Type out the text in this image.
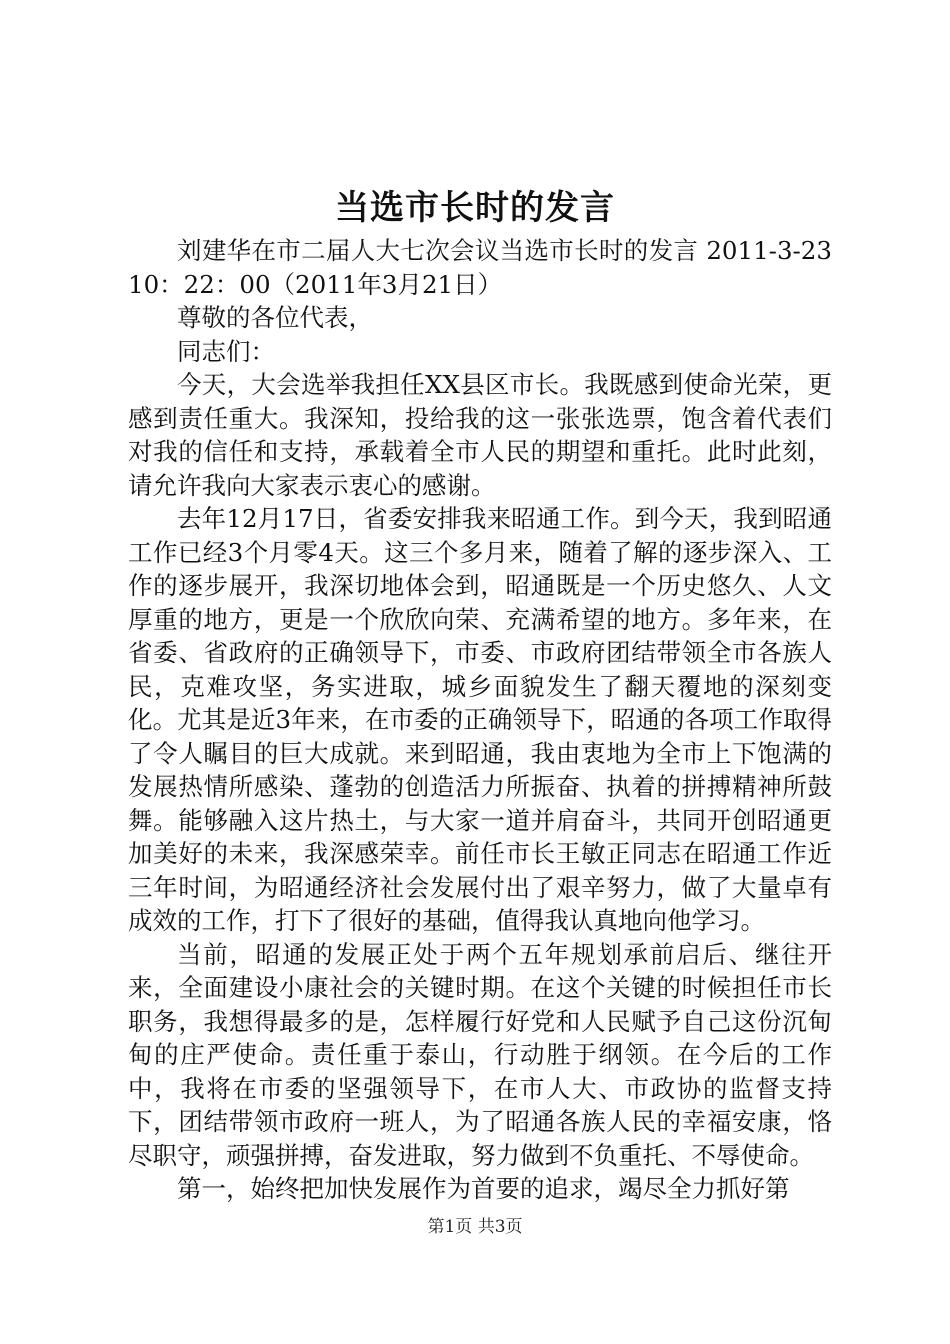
当选市长时的发言

刘建华在市二届人大七次会议当选市长时的发言 2011-3-2310：22：00（2011年3月21日）

尊敬的各位代表，

同志们：

今天，大会选举我担任XX县区市长。我既感到使命光荣，更感到责任重大。我深知，投给我的这一张张选票，饱含着代表们对我的信任和支持，承载着全市人民的期望和重托。此时此刻，请允许我向大家表示衷心的感谢。

去年12月17日，省委安排我来昭通工作。到今天，我到昭通工作已经3个月零4天。这三个多月来，随着了解的逐步深入、工作的逐步展开，我深切地体会到，昭通既是一个历史悠久、人文厚重的地方，更是一个欣欣向荣、充满希望的地方。多年来，在省委、省政府的正确领导下，市委、市政府团结带领全市各族人民，克难攻坚，务实进取，城乡面貌发生了翻天覆地的深刻变化。尤其是近3年来，在市委的正确领导下，昭通的各项工作取得了令人瞩目的巨大成就。来到昭通，我由衷地为全市上下饱满的发展热情所感染、蓬勃的创造活力所振奋、执着的拼搏精神所鼓舞。能够融入这片热土，与大家一道并肩奋斗，共同开创昭通更加美好的未来，我深感荣幸。前任市长王敏正同志在昭通工作近三年时间，为昭通经济社会发展付出了艰辛努力，做了大量卓有成效的工作，打下了很好的基础，值得我认真地向他学习。

当前，昭通的发展正处于两个五年规划承前启后、继往开来，全面建设小康社会的关键时期。在这个关键的时候担任市长职务，我想得最多的是，怎样履行好党和人民赋予自己这份沉甸甸的庄严使命。责任重于泰山，行动胜于纲领。在今后的工作中，我将在市委的坚强领导下，在市人大、市政协的监督支持下，团结带领市政府一班人，为了昭通各族人民的幸福安康，恪尽职守，顽强拼搏，奋发进取，努力做到不负重托、不辱使命。

第一，始终把加快发展作为首要的追求，竭尽全力抓好第

第1页 共3页
